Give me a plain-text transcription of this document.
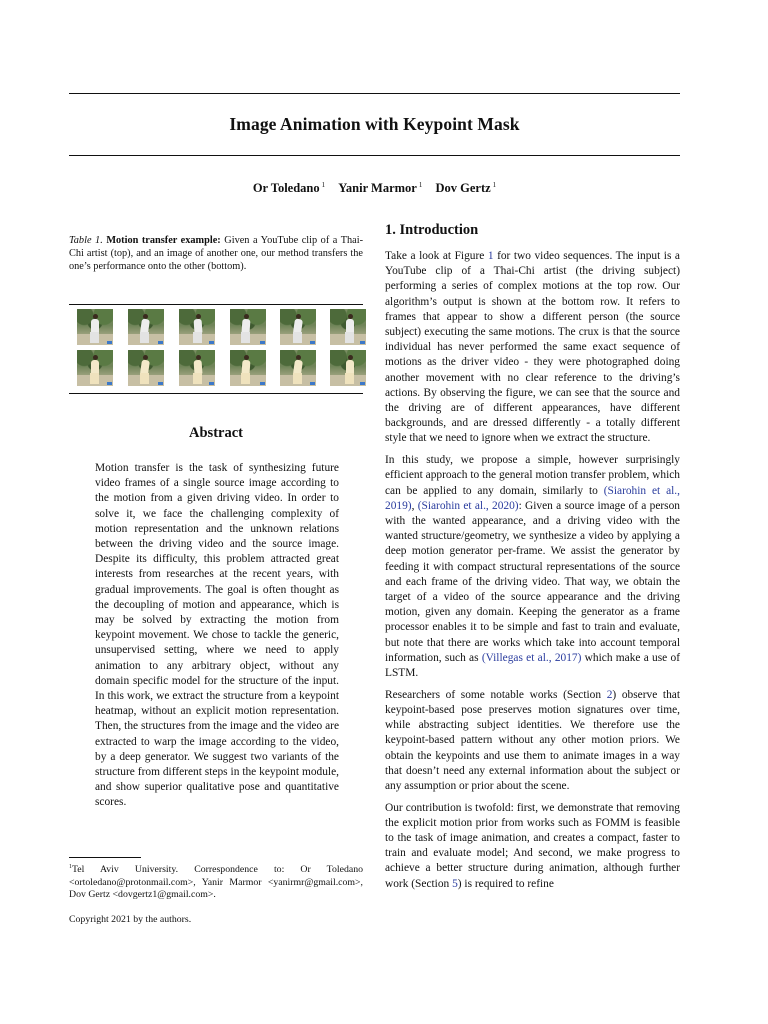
Image Animation with Keypoint Mask
Or Toledano $^1$ Yanir Marmor $^1$ Dov Gertz $^1$
Table 1. Motion transfer example: Given a YouTube clip of a Thai-Chi artist (top), and an image of another one, our method transfers the one’s performance onto the other (bottom).
Abstract
Motion transfer is the task of synthesizing future video frames of a single source image according to the motion from a given driving video. In order to solve it, we face the challenging complexity of motion representation and the unknown relations between the driving video and the source image. Despite its difficulty, this problem attracted great interests from researches at the recent years, with gradual improvements. The goal is often thought as the decoupling of motion and appearance, which is may be solved by extracting the motion from keypoint movement. We chose to tackle the generic, unsupervised setting, where we need to apply animation to any arbitrary object, without any domain specific model for the structure of the input. In this work, we extract the structure from a keypoint heatmap, without an explicit motion representation. Then, the structures from the image and the video are extracted to warp the image according to the video, by a deep generator. We suggest two variants of the structure from different steps in the keypoint module, and show superior qualitative pose and quantitative scores.
$^1$Tel Aviv University. Correspondence to: Or Toledano <ortoledano@protonmail.com>, Yanir Marmor <yanirmr@gmail.com>, Dov Gertz <dovgertz1@gmail.com>.
Copyright 2021 by the authors.
1. Introduction

Take a look at Figure 1 for two video sequences. The input is a YouTube clip of a Thai-Chi artist (the driving subject) performing a series of complex motions at the top row. Our algorithm’s output is shown at the bottom row. It refers to frames that appear to show a different person (the source subject) executing the same motions. The crux is that the source individual has never performed the same exact sequence of motions as the driver video - they were photographed doing another movement with no clear reference to the driving’s actions. By observing the figure, we can see that the source and the driving are of different appearances, have different backgrounds, and are dressed differently - a totally different style that we need to ignore when we extract the structure.

In this study, we propose a simple, however surprisingly efficient approach to the general motion transfer problem, which can be applied to any domain, similarly to (Siarohin et al., 2019), (Siarohin et al., 2020): Given a source image of a person with the wanted appearance, and a driving video with the wanted structure/geometry, we synthesize a video by applying a deep motion generator per-frame. We assist the generator by feeding it with compact structural representations of the source and each frame of the driving video. That way, we obtain the target of a video of the source appearance and the driving motion, given any domain. Keeping the generator as a frame processor enables it to be simple and fast to train and evaluate, but note that there are works which take into account temporal information, such as (Villegas et al., 2017) which make a use of LSTM.

Researchers of some notable works (Section 2) observe that keypoint-based pose preserves motion signatures over time, while abstracting subject identities. We therefore use the keypoint-based pattern without any other motion priors. We obtain the keypoints and use them to animate images in a way that doesn’t need any external information about the subject or any assumption or prior about the scene.

Our contribution is twofold: first, we demonstrate that removing the explicit motion prior from works such as FOMM is feasible to the task of image animation, and creates a compact, faster to train and evaluate model; And second, we make progress to achieve a better structure during animation, although further work (Section 5) is required to refine
